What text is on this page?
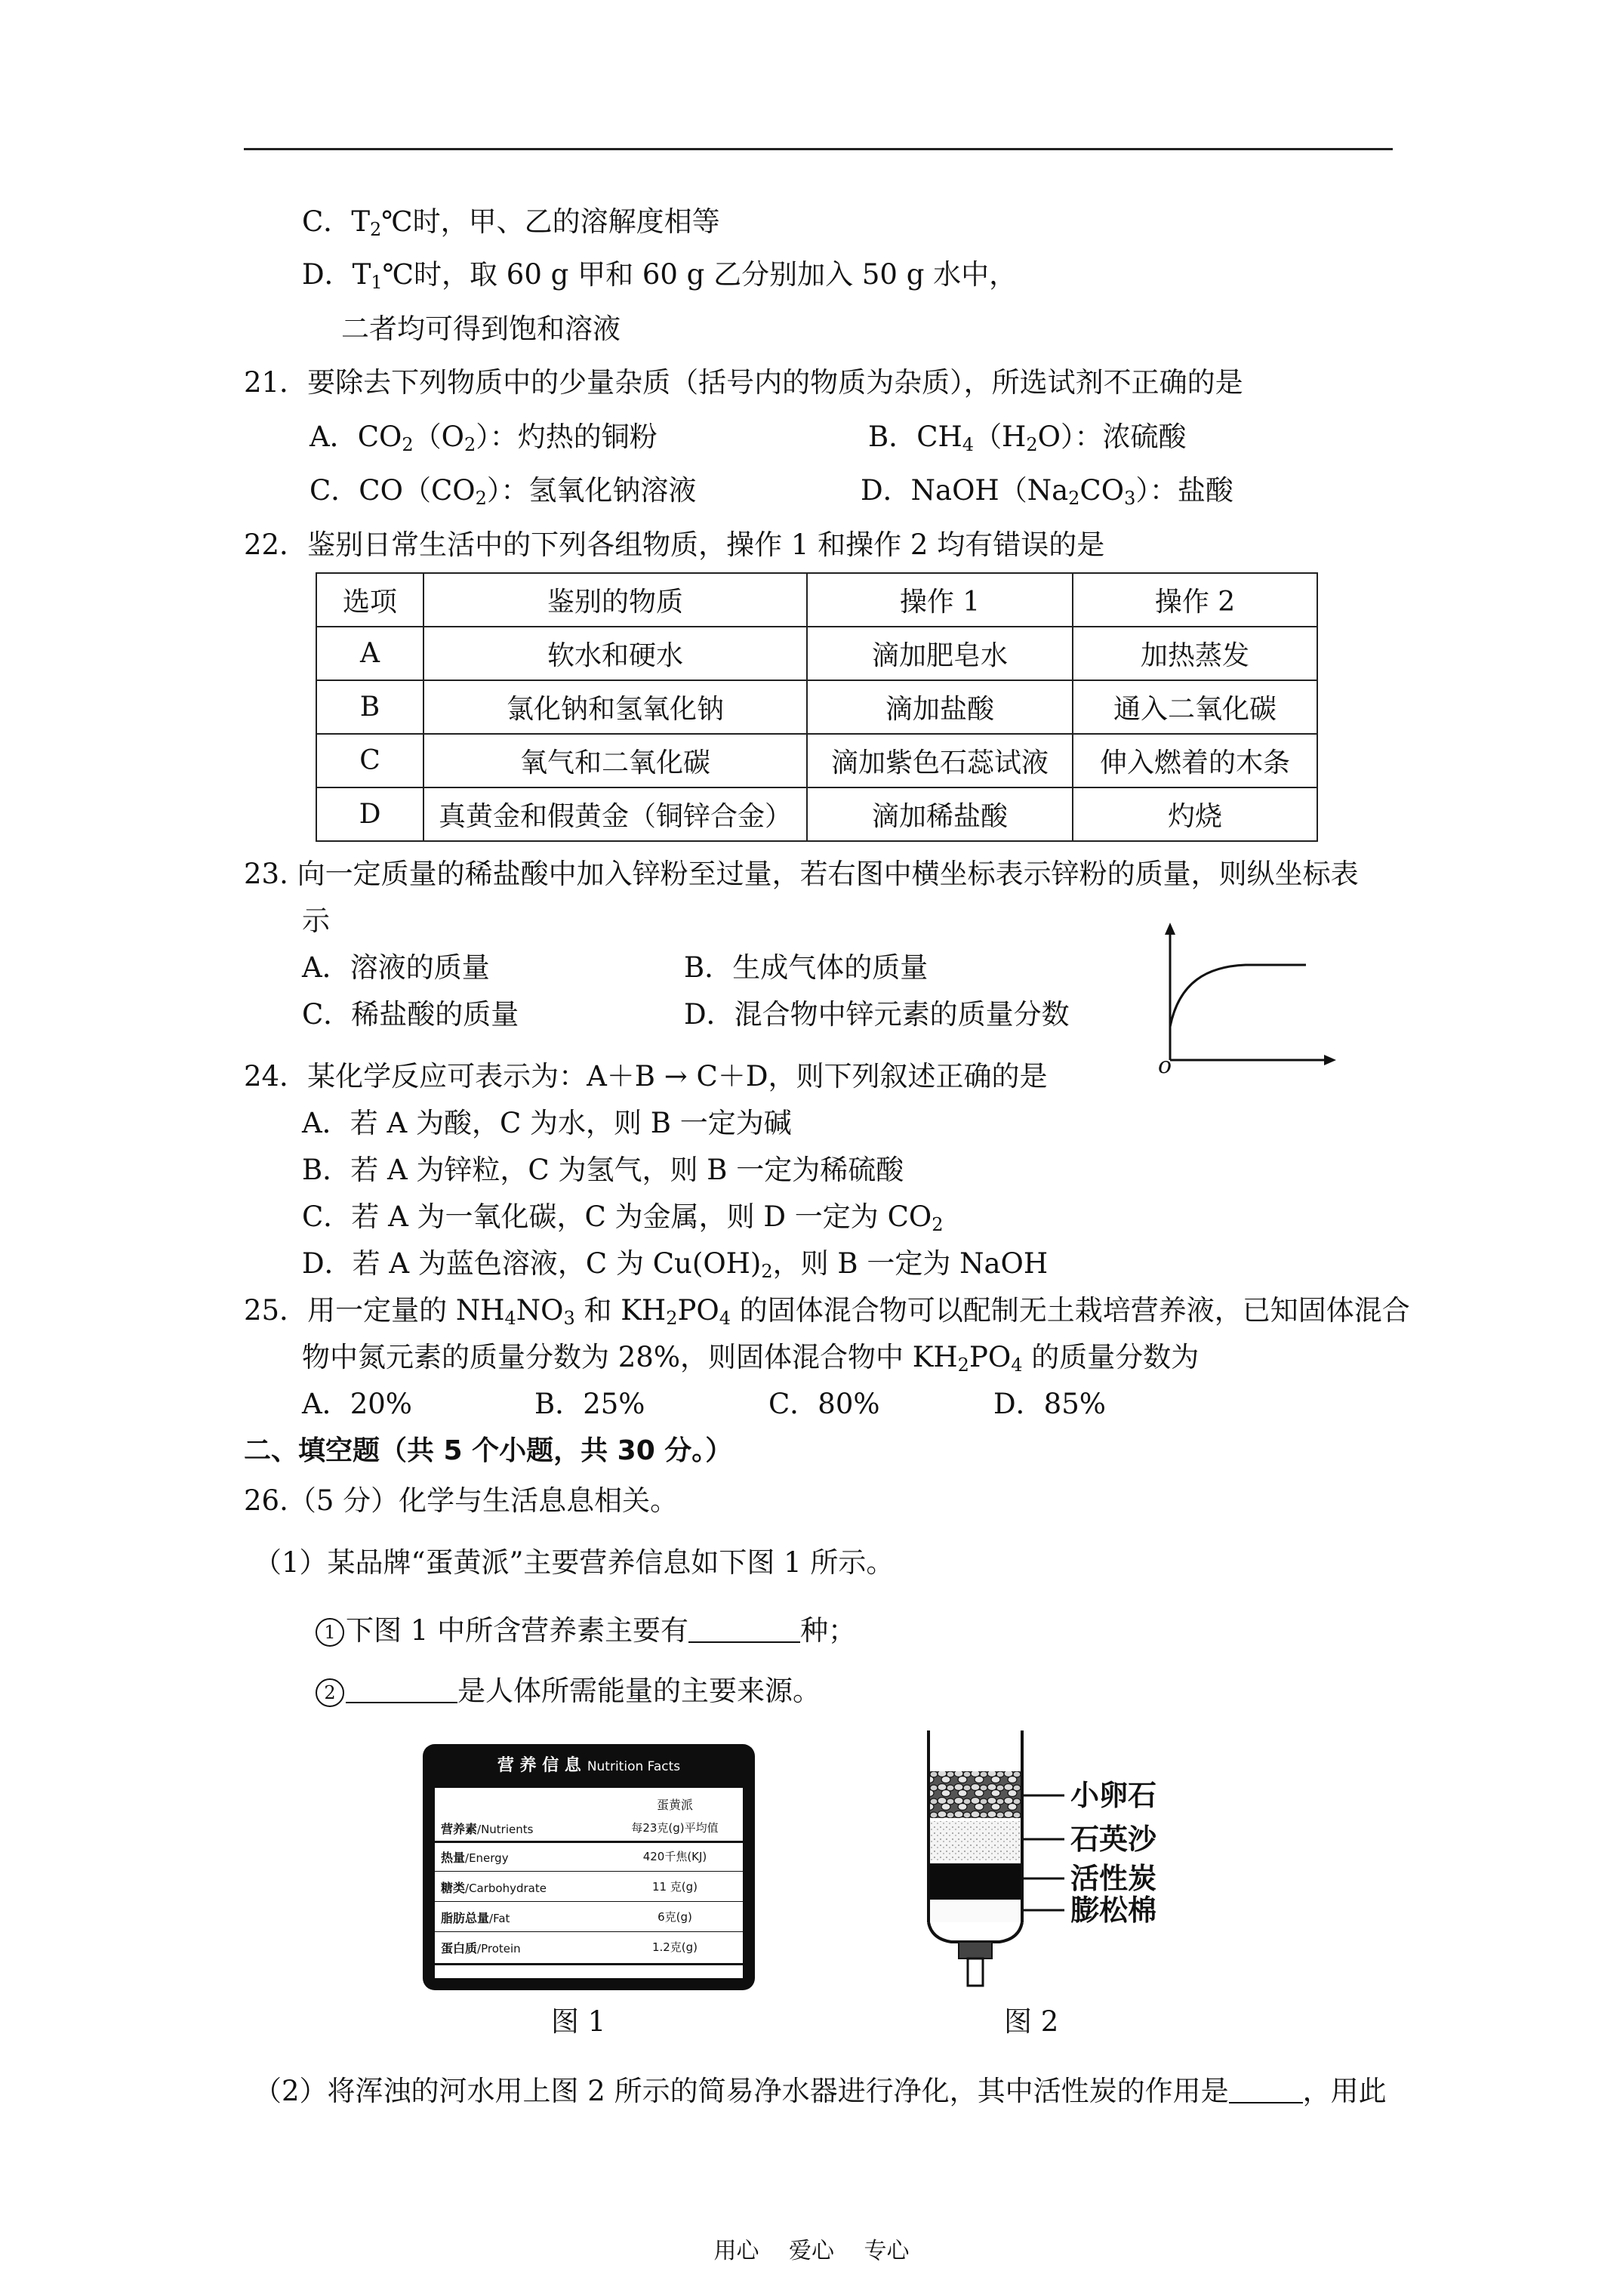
C．$T_2℃$时，甲、乙的溶解度相等
D．$T_1℃$时，取 60 g 甲和 60 g 乙分别加入 50 g 水中，
二者均可得到饱和溶液
21．要除去下列物质中的少量杂质（括号内的物质为杂质），所选试剂不正确的是
A．$CO_2(O_2)$：灼热的铜粉	B．$CH_4(H_2O)$：浓硫酸
C．$CO(CO_2)$：氢氧化钠溶液	D．$NaOH(Na_2CO_3)$：盐酸
22．鉴别日常生活中的下列各组物质，操作 1 和操作 2 均有错误的是
选项	鉴别的物质	操作 1	操作 2
A	软水和硬水	滴加肥皂水	加热蒸发
B	氯化钠和氢氧化钠	滴加盐酸	通入二氧化碳
C	氧气和二氧化碳	滴加紫色石蕊试液	伸入燃着的木条
D	真黄金和假黄金（铜锌合金）	滴加稀盐酸	灼烧
23. 向一定质量的稀盐酸中加入锌粉至过量，若右图中横坐标表示锌粉的质量，则纵坐标表
示
A．溶液的质量	B．生成气体的质量
C．稀盐酸的质量	D．混合物中锌元素的质量分数
o
24．某化学反应可表示为：A＋B → C＋D，则下列叙述正确的是
A．若 A 为酸，C 为水，则 B 一定为碱
B．若 A 为锌粒，C 为氢气，则 B 一定为稀硫酸
C．若 A 为一氧化碳，C 为金属，则 D 一定为 $CO_2$
D．若 A 为蓝色溶液，C 为 $Cu(OH)_2$，则 B 一定为 NaOH
25．用一定量的 $NH_4NO_3$ 和 $KH_2PO_4$ 的固体混合物可以配制无土栽培营养液，已知固体混合
物中氮元素的质量分数为 28%，则固体混合物中 $KH_2PO_4$ 的质量分数为
A．20%	B．25%	C．80%	D．85%
二、填空题（共 5 个小题，共 30 分。）
26.（5 分）化学与生活息息相关。
（1）某品牌“蛋黄派”主要营养信息如下图 1 所示。
1 下图 1 中所含营养素主要有	种；
2	是人体所需能量的主要来源。
营 养 信 息 Nutrition Facts
蛋黄派
营养素/Nutrients	每23克(g)平均值
热量/Energy	420千焦(KJ)
糖类/Carbohydrate	11 克(g)
脂肪总量/Fat	6克(g)
蛋白质/Protein	1.2克(g)
小卵石
石英沙
活性炭
膨松棉
图 1	图 2
（2）将浑浊的河水用上图 2 所示的简易净水器进行净化，其中活性炭的作用是	，用此
用心　 爱心　 专心
